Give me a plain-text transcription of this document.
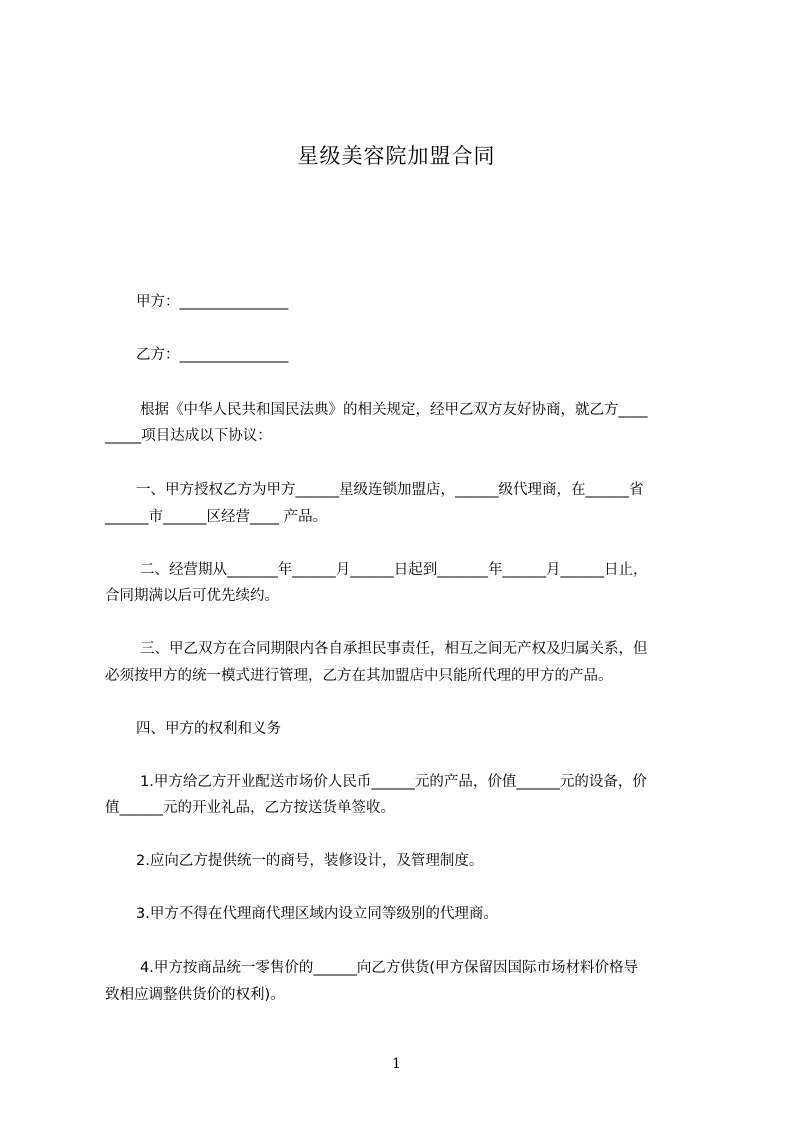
星级美容院加盟合同
甲方：_______________
乙方：_______________
根据《中华人民共和国民法典》的相关规定，经甲乙双方友好协商，就乙方____
_____项目达成以下协议：
一、甲方授权乙方为甲方______星级连锁加盟店，______级代理商，在______省
______市______区经营____ 产品。
二、经营期从_______年______月______日起到_______年______月______日止，
合同期满以后可优先续约。
三、甲乙双方在合同期限内各自承担民事责任，相互之间无产权及归属关系，但
必须按甲方的统一模式进行管理，乙方在其加盟店中只能所代理的甲方的产品。
四、甲方的权利和义务
1.甲方给乙方开业配送市场价人民币______元的产品，价值______元的设备，价
值______元的开业礼品，乙方按送货单签收。
2.应向乙方提供统一的商号，装修设计，及管理制度。
3.甲方不得在代理商代理区域内设立同等级别的代理商。
4.甲方按商品统一零售价的______向乙方供货(甲方保留因国际市场材料价格导
致相应调整供货价的权利)。
1
